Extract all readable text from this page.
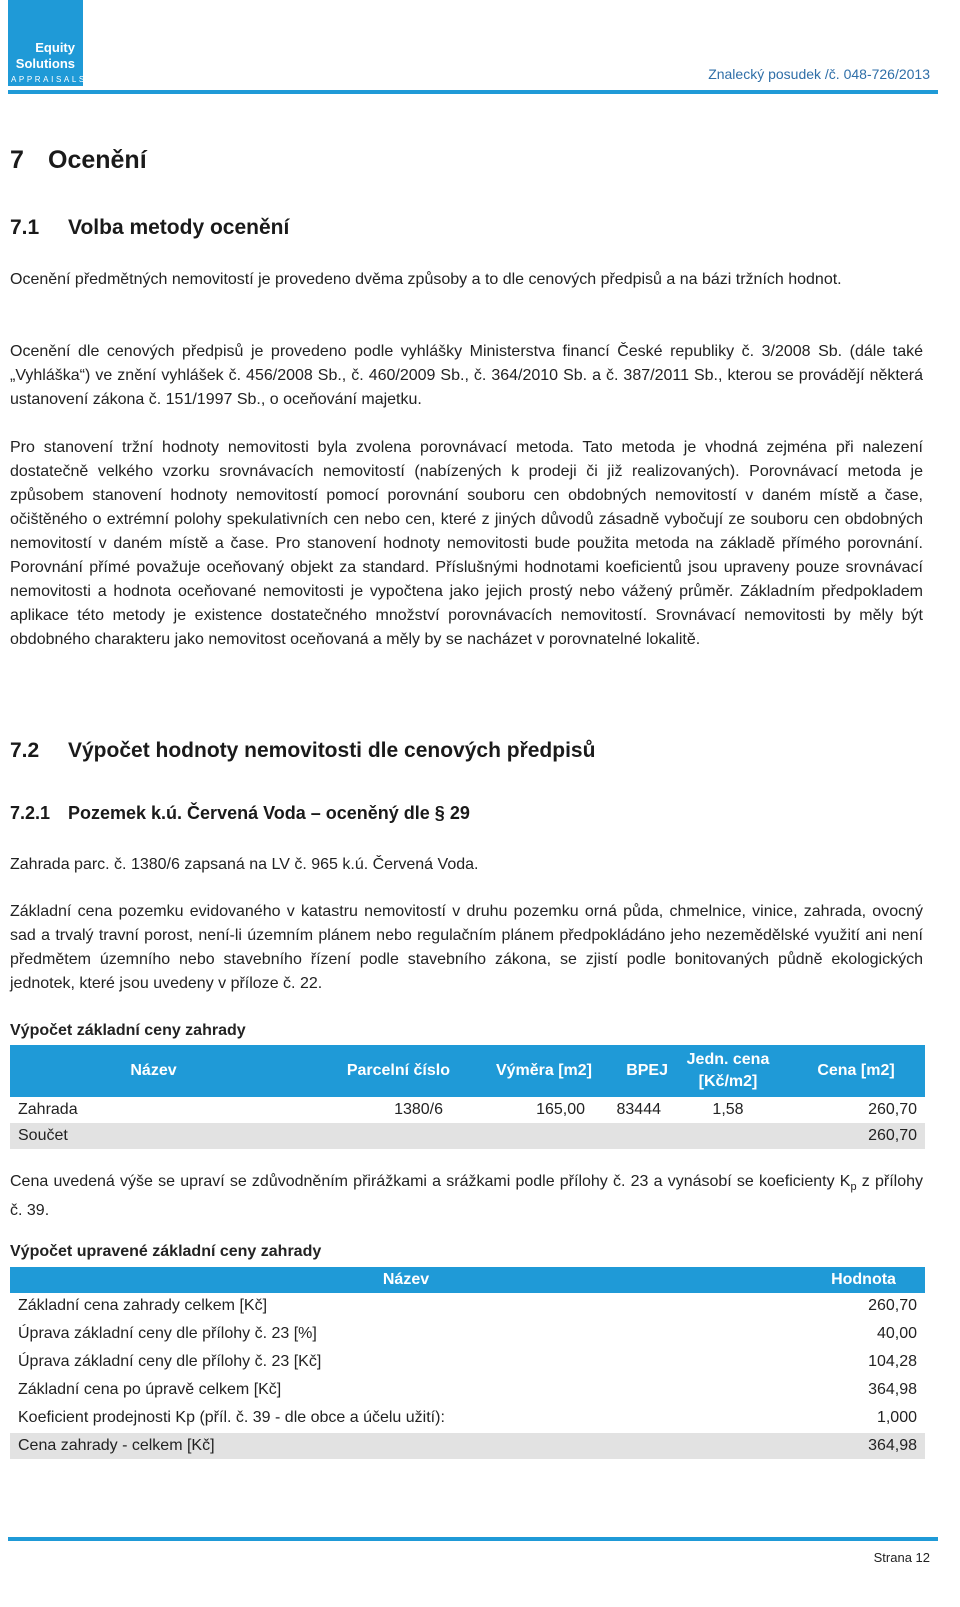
Equity
Solutions
APPRAISALS	Znalecký posudek /č. 048-726/2013
7 Ocenění
7.1 Volba metody ocenění
Ocenění předmětných nemovitostí je provedeno dvěma způsoby a to dle cenových předpisů a na bázi tržních hodnot.
Ocenění dle cenových předpisů je provedeno podle vyhlášky Ministerstva financí České republiky č. 3/2008 Sb. (dále také „Vyhláška“) ve znění vyhlášek č. 456/2008 Sb., č. 460/2009 Sb., č. 364/2010 Sb. a č. 387/2011 Sb., kterou se provádějí některá ustanovení zákona č. 151/1997 Sb., o oceňování majetku.
Pro stanovení tržní hodnoty nemovitosti byla zvolena porovnávací metoda. Tato metoda je vhodná zejména při nalezení dostatečně velkého vzorku srovnávacích nemovitostí (nabízených k prodeji či již realizovaných). Porovnávací metoda je způsobem stanovení hodnoty nemovitostí pomocí porovnání souboru cen obdobných nemovitostí v daném místě a čase, očištěného o extrémní polohy spekulativních cen nebo cen, které z jiných důvodů zásadně vybočují ze souboru cen obdobných nemovitostí v daném místě a čase. Pro stanovení hodnoty nemovitosti bude použita metoda na základě přímého porovnání. Porovnání přímé považuje oceňovaný objekt za standard. Příslušnými hodnotami koeficientů jsou upraveny pouze srovnávací nemovitosti a hodnota oceňované nemovitosti je vypočtena jako jejich prostý nebo vážený průměr. Základním předpokladem aplikace této metody je existence dostatečného množství porovnávacích nemovitostí. Srovnávací nemovitosti by měly být obdobného charakteru jako nemovitost oceňovaná a měly by se nacházet v porovnatelné lokalitě.
7.2 Výpočet hodnoty nemovitosti dle cenových předpisů
7.2.1 Pozemek k.ú. Červená Voda – oceněný dle § 29
Zahrada parc. č. 1380/6 zapsaná na LV č. 965 k.ú. Červená Voda.
Základní cena pozemku evidovaného v katastru nemovitostí v druhu pozemku orná půda, chmelnice, vinice, zahrada, ovocný sad a trvalý travní porost, není-li územním plánem nebo regulačním plánem předpokládáno jeho nezemědělské využití ani není předmětem územního nebo stavebního řízení podle stavebního zákona, se zjistí podle bonitovaných půdně ekologických jednotek, které jsou uvedeny v příloze č. 22.
Výpočet základní ceny zahrady
Název	Parcelní číslo	Výměra [m2]	BPEJ	Jedn. cena [Kč/m2]	Cena [m2]
Zahrada	1380/6	165,00	83444	1,58	260,70
Součet					260,70
Cena uvedená výše se upraví se zdůvodněním přirážkami a srážkami podle přílohy č. 23 a vynásobí se koeficienty $K_p$ z přílohy č. 39.
Výpočet upravené základní ceny zahrady
Název	Hodnota
Základní cena zahrady celkem [Kč]	260,70
Úprava základní ceny dle přílohy č. 23 [%]	40,00
Úprava základní ceny dle přílohy č. 23 [Kč]	104,28
Základní cena po úpravě celkem [Kč]	364,98
Koeficient prodejnosti Kp (příl. č. 39 - dle obce a účelu užití):	1,000
Cena zahrady - celkem [Kč]	364,98
Strana 12
